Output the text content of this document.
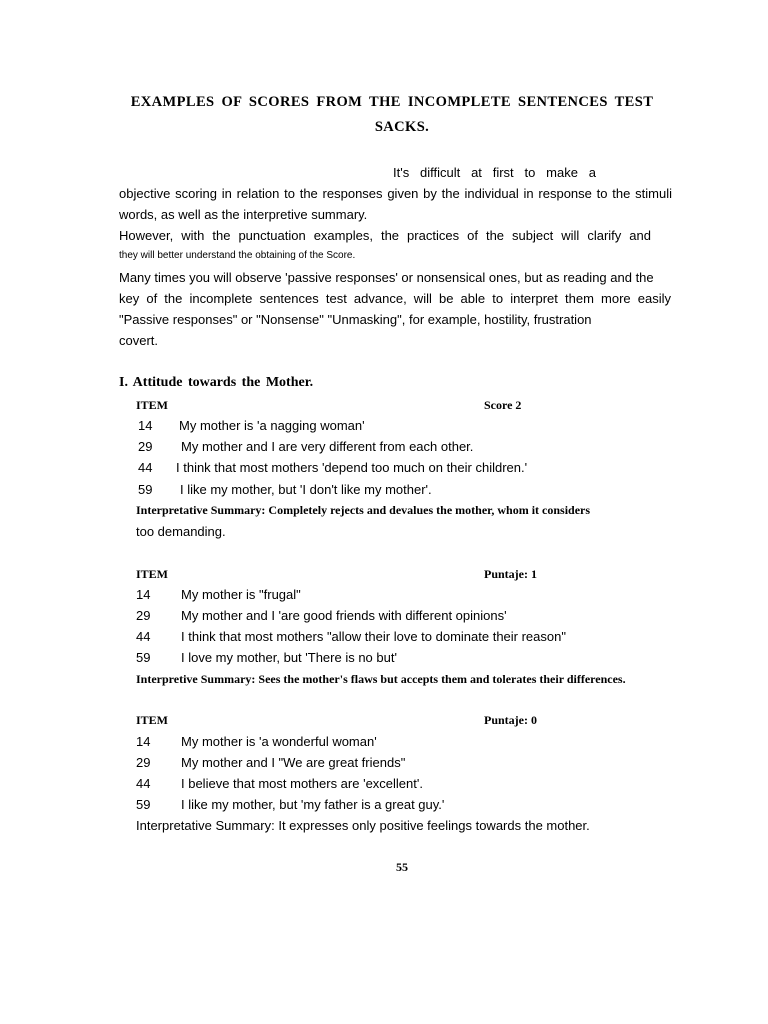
EXAMPLES OF SCORES FROM THE INCOMPLETE SENTENCES TEST
SACKS.
It's difficult at first to make a
objective scoring in relation to the responses given by the individual in response to the stimuli
words, as well as the interpretive summary.
However, with the punctuation examples, the practices of the subject will clarify and
they will better understand the obtaining of the Score.
Many times you will observe 'passive responses' or nonsensical ones, but as reading and the
key of the incomplete sentences test advance, will be able to interpret them more easily
"Passive responses" or "Nonsense" "Unmasking", for example, hostility, frustration
covert.
I. Attitude towards the Mother.
ITEM	Score 2
14 My mother is 'a nagging woman'
29 My mother and I are very different from each other.
44 I think that most mothers 'depend too much on their children.'
59 I like my mother, but 'I don't like my mother'.
Interpretative Summary: Completely rejects and devalues the mother, whom it considers
too demanding.
ITEM	Puntaje: 1
14 My mother is "frugal"
29 My mother and I 'are good friends with different opinions'
44 I think that most mothers "allow their love to dominate their reason"
59 I love my mother, but 'There is no but'
Interpretive Summary: Sees the mother's flaws but accepts them and tolerates their differences.
ITEM	Puntaje: 0
14 My mother is 'a wonderful woman'
29 My mother and I "We are great friends"
44 I believe that most mothers are 'excellent'.
59 I like my mother, but 'my father is a great guy.'
Interpretative Summary: It expresses only positive feelings towards the mother.
55
